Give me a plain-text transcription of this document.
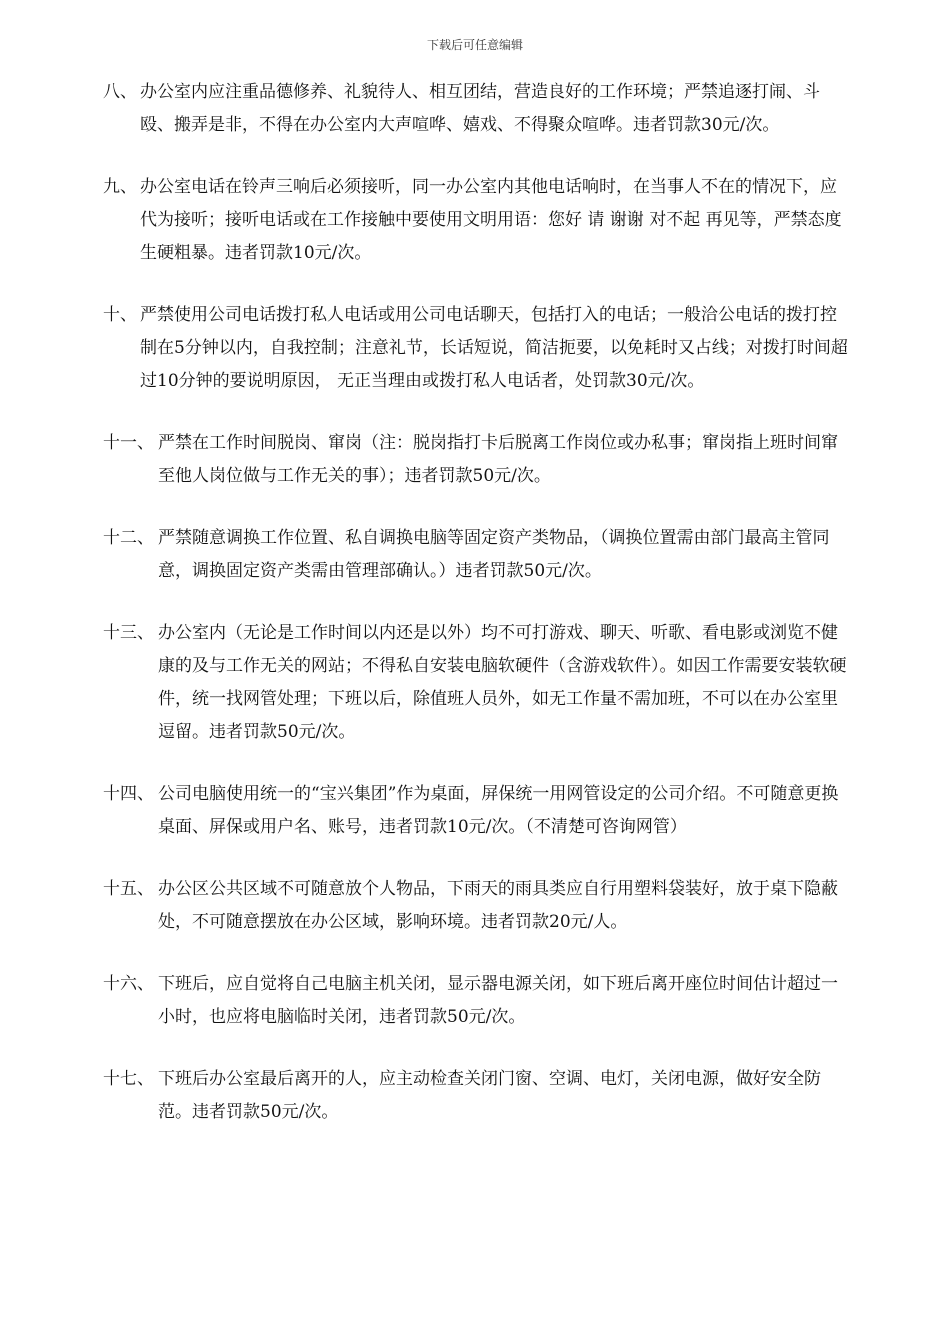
下载后可任意编辑
八、 办公室内应注重品德修养、礼貌待人、相互团结，营造良好的工作环境；严禁追逐打闹、斗殴、搬弄是非，不得在办公室内大声喧哗、嬉戏、不得聚众喧哗。违者罚款30元/次。
九、 办公室电话在铃声三响后必须接听，同一办公室内其他电话响时，在当事人不在的情况下，应代为接听；接听电话或在工作接触中要使用文明用语：您好 请 谢谢 对不起 再见等，严禁态度生硬粗暴。违者罚款10元/次。
十、 严禁使用公司电话拨打私人电话或用公司电话聊天，包括打入的电话；一般洽公电话的拨打控制在5分钟以内，自我控制；注意礼节，长话短说，简洁扼要，以免耗时又占线；对拨打时间超过10分钟的要说明原因， 无正当理由或拨打私人电话者，处罚款30元/次。
十一、 严禁在工作时间脱岗、窜岗（注：脱岗指打卡后脱离工作岗位或办私事；窜岗指上班时间窜至他人岗位做与工作无关的事）；违者罚款50元/次。
十二、 严禁随意调换工作位置、私自调换电脑等固定资产类物品，（调换位置需由部门最高主管同意，调换固定资产类需由管理部确认。）违者罚款50元/次。
十三、 办公室内（无论是工作时间以内还是以外）均不可打游戏、聊天、听歌、看电影或浏览不健康的及与工作无关的网站；不得私自安装电脑软硬件（含游戏软件）。如因工作需要安装软硬件，统一找网管处理；下班以后，除值班人员外，如无工作量不需加班，不可以在办公室里逗留。违者罚款50元/次。
十四、 公司电脑使用统一的“宝兴集团”作为桌面，屏保统一用网管设定的公司介绍。不可随意更换桌面、屏保或用户名、账号，违者罚款10元/次。（不清楚可咨询网管）
十五、 办公区公共区域不可随意放个人物品，下雨天的雨具类应自行用塑料袋装好，放于桌下隐蔽处，不可随意摆放在办公区域，影响环境。违者罚款20元/人。
十六、 下班后，应自觉将自己电脑主机关闭，显示器电源关闭，如下班后离开座位时间估计超过一小时，也应将电脑临时关闭，违者罚款50元/次。
十七、 下班后办公室最后离开的人，应主动检查关闭门窗、空调、电灯，关闭电源，做好安全防范。违者罚款50元/次。
